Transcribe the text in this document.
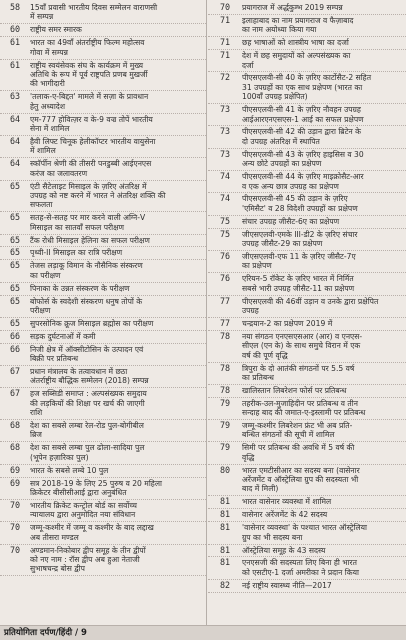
58	15वाँ प्रवासी भारतीय दिवस सम्मेलन वाराणसी
में सम्पन्न
60	राष्ट्रीय समर स्मारक
61	भारत का 49वाँ अंतर्राष्ट्रीय फिल्म महोत्सव
गोवा में सम्पन्न
61	राष्ट्रीय स्वयंसेवक संघ के कार्यक्रम में मुख्य
अतिथि के रूप में पूर्व राष्ट्रपति प्रणब मुखर्जी
की भागीदारी
63	'तलाक-ए-बिद्दत' मामले में सज़ा के प्रावधान
हेतु अध्यादेश
64	एम-777 होवित्ज़र व के-9 वज्र तोपें भारतीय
सेना में शामिल
64	हैवी लिफ्ट चिनूक हेलीकॉप्टर भारतीय वायुसेना
में शामिल
64	स्कॉर्पीन श्रेणी की तीसरी पनडुब्बी आईएनएस
करंज का जलावतरण
65	एंटी सैटेलाइट मिसाइल के ज़रिए अंतरिक्ष में
उपग्रह को नष्ट करने में भारत ने अंतरिक्ष शक्ति की
सफलता
65	सतह-से-सतह पर मार करने वाली अग्नि-V
मिसाइल का सातवाँ सफल परीक्षण
65	टैंक रोधी मिसाइल हेलिना का सफल परीक्षण
65	पृथ्वी-II मिसाइल का रात्रि परीक्षण
65	तेजस लड़ाकू विमान के नौसैनिक संस्करण
का परीक्षण
65	पिनाका के उन्नत संस्करण के परीक्षण
65	बोफोर्स के स्वदेशी संस्करण धनुष तोपों के
परीक्षण
65	सुपरसोनिक क्रूज मिसाइल ब्रह्मोस का परीक्षण
66	सड़क दुर्घटनाओं में कमी
66	निजी क्षेत्र में ऑक्सीटोसिन के उत्पादन एवं
बिक्री पर प्रतिबन्ध
67	प्रधान मंत्रालय के तत्वावधान में छठा
अंतर्राष्ट्रीय बौद्धिक सम्मेलन (2018) सम्पन्न
67	हज सब्सिडी समाप्त : अल्पसंख्यक समुदाय
की लड़कियों की शिक्षा पर खर्च की जाएगी
राशि
68	देश का सबसे लम्बा रेल-रोड पुल-बोगीबील
ब्रिज
68	देश का सबसे लम्बा पुल ढोला-सादिया पुल
(भूपेन हज़ारिका पुल)
69	भारत के सबसे लम्बे 10 पुल
69	सत्र 2018-19 के लिए 25 पुरुष व 20 महिला
क्रिकेटर बीसीसीआई द्वारा अनुबंधित
70	भारतीय क्रिकेट कन्ट्रोल बोर्ड का सर्वोच्च
न्यायालय द्वारा अनुमोदित नया संविधान
70	जम्मू-कश्मीर में जम्मू व कश्मीर के बाद लद्दाख
अब तीसरा मण्डल
70	अण्डमान-निकोबार द्वीप समूह के तीन द्वीपों
को नए नाम : रॉस द्वीप अब हुआ नेताजी
सुभाषचन्द्र बोस द्वीप
70	प्रयागराज में अर्द्धकुम्भ 2019 सम्पन्न
71	इलाहाबाद का नाम प्रयागराज व फैज़ाबाद
का नाम अयोध्या किया गया
71	छह भाषाओं को शास्त्रीय भाषा का दर्जा
71	देश में छह समुदायों को अल्पसंख्यक का
दर्जा
72	पीएसएलवी-सी 40 के ज़रिए कार्टोसैट-2 सहित
31 उपग्रहों का एक साथ प्रक्षेपण (भारत का
100वाँ उपग्रह प्रक्षेपित)
73	पीएसएलवी-सी 41 के ज़रिए नौवहन उपग्रह
आईआरएनएसएस-1 आई का सफल प्रक्षेपण
73	पीएसएलवी-सी 42 की उड़ान द्वारा ब्रिटेन के
दो उपग्रह अंतरिक्ष में स्थापित
73	पीएसएलवी-सी 43 के ज़रिए हाइसिस व 30
अन्य छोटे उपग्रहों का प्रक्षेपण
74	पीएसएलवी-सी 44 के ज़रिए माइक्रोसैट-आर
व एक अन्य छात्र उपग्रह का प्रक्षेपण
74	पीएसएलवी-सी 45 की उड़ान के ज़रिए
'एमिसैट' व 28 विदेशी उपग्रहों का प्रक्षेपण
75	संचार उपग्रह जीसैट-6ए का प्रक्षेपण
75	जीएसएलवी-एमके III-डी2 के ज़रिए संचार
उपग्रह जीसैट-29 का प्रक्षेपण
76	जीएसएलवी-एफ 11 के ज़रिए जीसैट-7ए
का प्रक्षेपण
76	एरियन-5 रॉकेट के ज़रिए भारत में निर्मित
सबसे भारी उपग्रह जीसैट-11 का प्रक्षेपण
77	पीएसएलवी की 46वीं उड़ान व उनके द्वारा प्रक्षेपित
उपग्रह
77	चन्द्रयान-2 का प्रक्षेपण 2019 में
78	नया संगठन एनएसएसआर (आर) व एनएस-
सीएल (एन के) के साथ समुचे विरान में एक
वर्ष की पूर्ण वृद्धि
78	त्रिपुरा के दो आतंकी संगठनों पर 5.5 वर्ष
का प्रतिबन्ध
78	खालिस्तान लिबरेशन फोर्स पर प्रतिबन्ध
79	तहरीक-उल-मुजाहिदीन पर प्रतिबन्ध व तीन
सन्दाह बाद की जमात-ए-इस्लामी पर प्रतिबन्ध
79	जम्मू-कश्मीर लिबरेशन फ्रंट भी अब प्रति-
बन्धित संगठनों की सूची में शामिल
79	सिमी पर प्रतिबन्ध की अवधि में 5 वर्ष की
वृद्धि
80	भारत एमटीसीआर का सदस्य बना (वासेनार
अरेंजमेंट व ऑस्ट्रेलिया ग्रुप की सदस्यता भी
बाद में मिली)
81	भारत वासेनार व्यवस्था में शामिल
81	वासेनार अरेंजमेंट के 42 सदस्य
81	'वासेनार व्यवस्था' के पश्चात भारत ऑस्ट्रेलिया
ग्रुप का भी सदस्य बना
81	ऑस्ट्रेलिया समूह के 43 सदस्य
81	एनएसजी की सदस्यता लिए बिना ही भारत
को एसटीए-1 दर्जा अमरीका ने प्रदान किया
82	नई राष्ट्रीय स्वास्थ्य नीति—2017
प्रतियोगिता दर्पण/हिंदी / 9
